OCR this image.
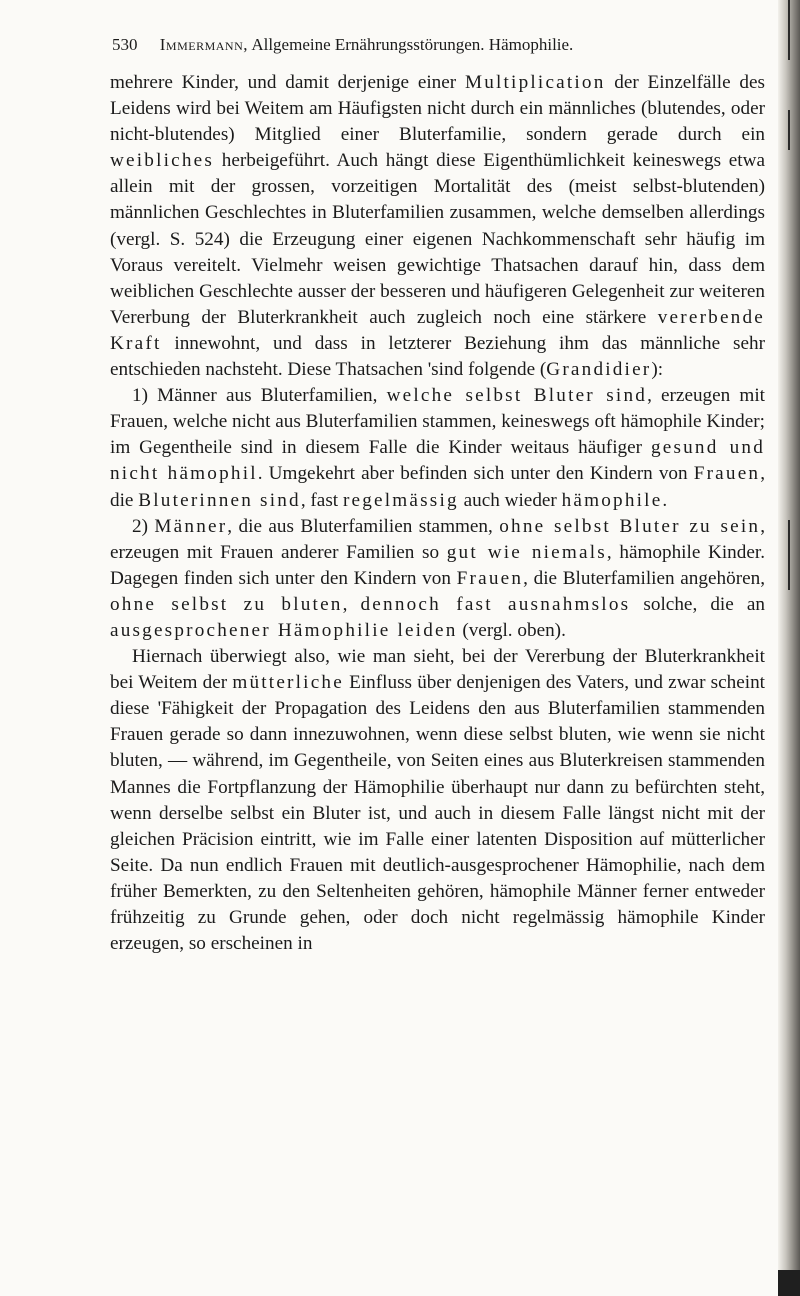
530 Immermann, Allgemeine Ernährungsstörungen. Hämophilie.

mehrere Kinder, und damit derjenige einer Multiplication der Einzelfälle des Leidens wird bei Weitem am Häufigsten nicht durch ein männliches (blutendes, oder nicht-blutendes) Mitglied einer Bluterfamilie, sondern gerade durch ein weibliches herbeigeführt. Auch hängt diese Eigenthümlichkeit keineswegs etwa allein mit der grossen, vorzeitigen Mortalität des (meist selbst-blutenden) männlichen Geschlechtes in Bluterfamilien zusammen, welche demselben allerdings (vergl. S. 524) die Erzeugung einer eigenen Nachkommenschaft sehr häufig im Voraus vereitelt. Vielmehr weisen gewichtige Thatsachen darauf hin, dass dem weiblichen Geschlechte ausser der besseren und häufigeren Gelegenheit zur weiteren Vererbung der Bluterkrankheit auch zugleich noch eine stärkere vererbende Kraft innewohnt, und dass in letzterer Beziehung ihm das männliche sehr entschieden nachsteht. Diese Thatsachen 'sind folgende (Grandidier):

1) Männer aus Bluterfamilien, welche selbst Bluter sind, erzeugen mit Frauen, welche nicht aus Bluterfamilien stammen, keineswegs oft hämophile Kinder; im Gegentheile sind in diesem Falle die Kinder weitaus häufiger gesund und nicht hämophil. Umgekehrt aber befinden sich unter den Kindern von Frauen, die Bluterinnen sind, fast regelmässig auch wieder hämophile.

2) Männer, die aus Bluterfamilien stammen, ohne selbst Bluter zu sein, erzeugen mit Frauen anderer Familien so gut wie niemals, hämophile Kinder. Dagegen finden sich unter den Kindern von Frauen, die Bluterfamilien angehören, ohne selbst zu bluten, dennoch fast ausnahmslos solche, die an ausgesprochener Hämophilie leiden (vergl. oben).

Hiernach überwiegt also, wie man sieht, bei der Vererbung der Bluterkrankheit bei Weitem der mütterliche Einfluss über denjenigen des Vaters, und zwar scheint diese 'Fähigkeit der Propagation des Leidens den aus Bluterfamilien stammenden Frauen gerade so dann innezuwohnen, wenn diese selbst bluten, wie wenn sie nicht bluten, — während, im Gegentheile, von Seiten eines aus Bluterkreisen stammenden Mannes die Fortpflanzung der Hämophilie überhaupt nur dann zu befürchten steht, wenn derselbe selbst ein Bluter ist, und auch in diesem Falle längst nicht mit der gleichen Präcision eintritt, wie im Falle einer latenten Disposition auf mütterlicher Seite. Da nun endlich Frauen mit deutlich-ausgesprochener Hämophilie, nach dem früher Bemerkten, zu den Seltenheiten gehören, hämophile Männer ferner entweder frühzeitig zu Grunde gehen, oder doch nicht regelmässig hämophile Kinder erzeugen, so erscheinen in
